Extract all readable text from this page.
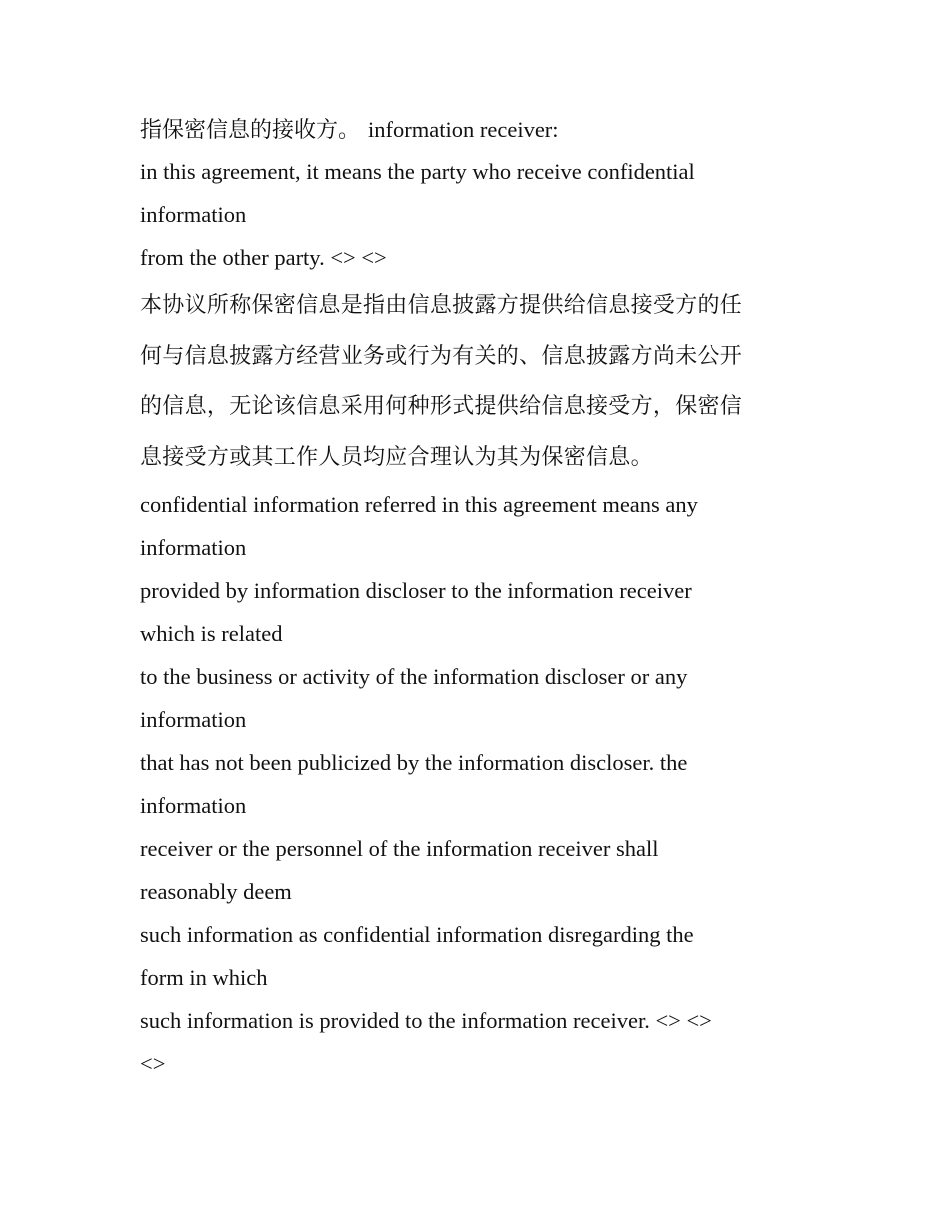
指保密信息的接收方。 information receiver:

in this agreement, it means the party who receive confidential

information

from the other party. <> <>

本协议所称保密信息是指由信息披露方提供给信息接受方的任

何与信息披露方经营业务或行为有关的、信息披露方尚未公开

的信息，无论该信息采用何种形式提供给信息接受方，保密信

息接受方或其工作人员均应合理认为其为保密信息。

confidential information referred in this agreement means any

information

provided by information discloser to the information receiver

which is related

to the business or activity of the information discloser or any

information

that has not been publicized by the information discloser. the

information

receiver or the personnel of the information receiver shall

reasonably deem

such information as confidential information disregarding the

form in which

such information is provided to the information receiver. <> <>

<>
